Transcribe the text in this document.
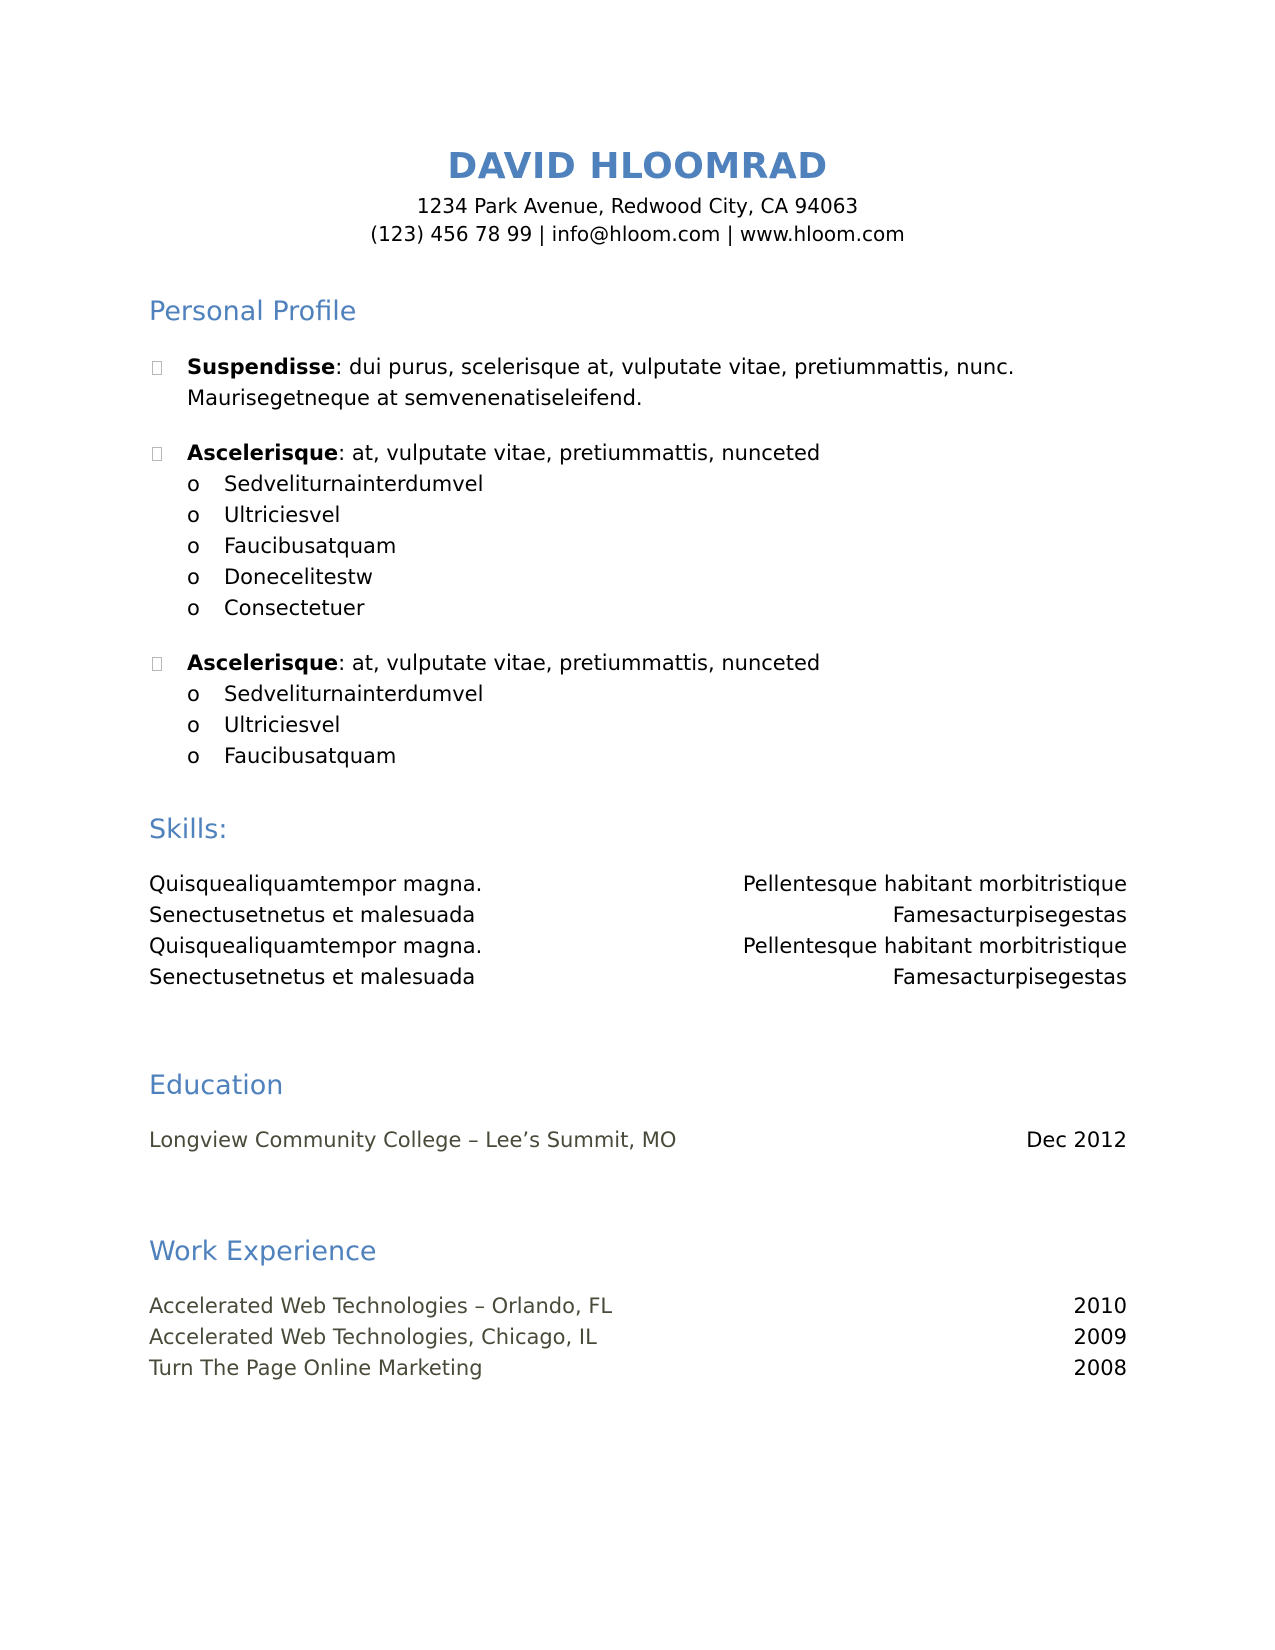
DAVID HLOOMRAD
1234 Park Avenue, Redwood City, CA 94063
(123) 456 78 99 | info@hloom.com | www.hloom.com
Personal Profile
Suspendisse: dui purus, scelerisque at, vulputate vitae, pretiummattis, nunc.
Maurisegetneque at semvenenatiseleifend.
Ascelerisque: at, vulputate vitae, pretiummattis, nunceted
o Sedveliturnainterdumvel
o Ultriciesvel
o Faucibusatquam
o Donecelitestw
o Consectetuer
Ascelerisque: at, vulputate vitae, pretiummattis, nunceted
o Sedveliturnainterdumvel
o Ultriciesvel
o Faucibusatquam
Skills:
Quisquealiquamtempor magna.	Pellentesque habitant morbitristique
Senectusetnetus et malesuada	Famesacturpisegestas
Quisquealiquamtempor magna.	Pellentesque habitant morbitristique
Senectusetnetus et malesuada	Famesacturpisegestas
Education
Longview Community College – Lee’s Summit, MO	Dec 2012
Work Experience
Accelerated Web Technologies – Orlando, FL	2010
Accelerated Web Technologies, Chicago, IL	2009
Turn The Page Online Marketing	2008
